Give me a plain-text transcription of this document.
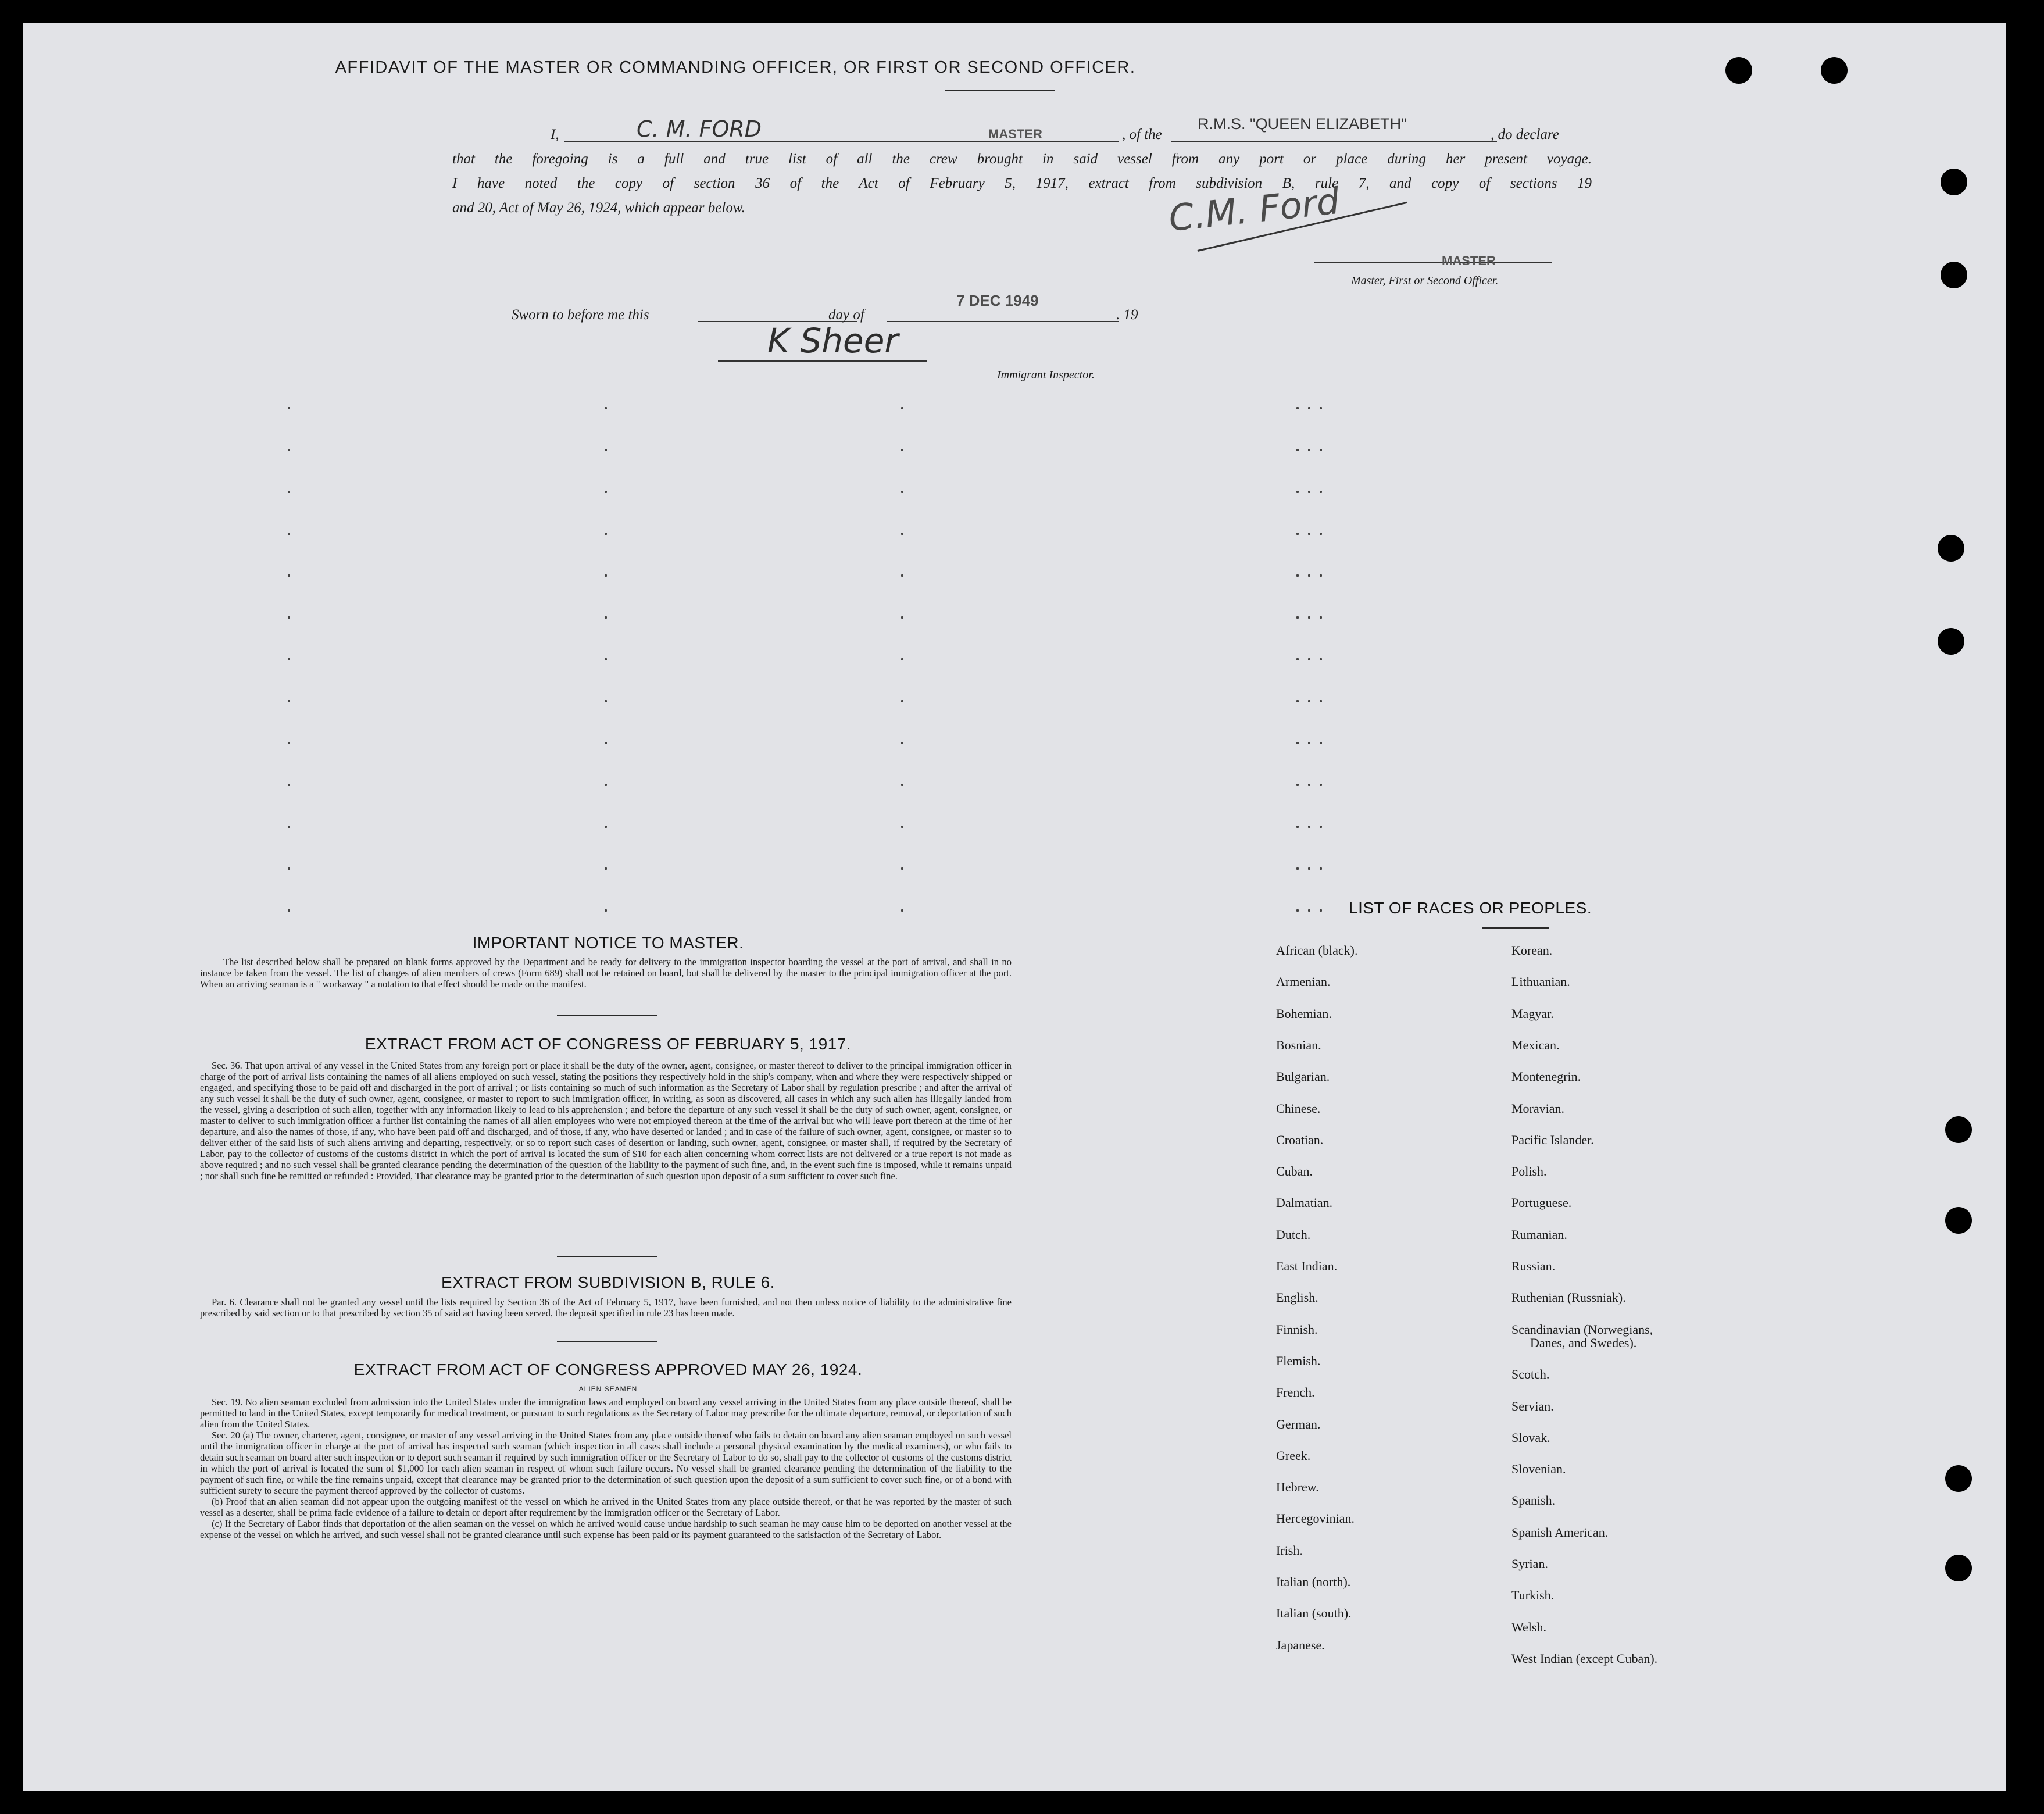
AFFIDAVIT OF THE MASTER OR COMMANDING OFFICER, OR FIRST OR SECOND OFFICER.
I,	C. M. FORD	MASTER	, of the
R.M.S. "QUEEN ELIZABETH"
, do declare
that the foregoing is a full and true list of all the crew brought in said vessel from any port or place during her present voyage.
I have noted the copy of section 36 of the Act of February 5, 1917, extract from subdivision B, rule 7, and copy of sections 19
and 20, Act of May 26, 1924, which appear below.	C.M. Ford
MASTER
Master, First or Second Officer.
Sworn to before me this	day of
7 DEC 1949
. 19
K Sheer
Immigrant Inspector.
IMPORTANT NOTICE TO MASTER.
The list described below shall be prepared on blank forms approved by the Department and be ready for delivery to the immigration inspector boarding the vessel at the port of arrival, and shall in no instance be taken from the vessel. The list of changes of alien members of crews (Form 689) shall not be retained on board, but shall be delivered by the master to the principal immigration officer at the port. When an arriving seaman is a " workaway " a notation to that effect should be made on the manifest.
EXTRACT FROM ACT OF CONGRESS OF FEBRUARY 5, 1917.
Sec. 36. That upon arrival of any vessel in the United States from any foreign port or place it shall be the duty of the owner, agent, consignee, or master thereof to deliver to the principal immigration officer in charge of the port of arrival lists containing the names of all aliens employed on such vessel, stating the positions they respectively hold in the ship's company, when and where they were respectively shipped or engaged, and specifying those to be paid off and discharged in the port of arrival ; or lists containing so much of such information as the Secretary of Labor shall by regulation prescribe ; and after the arrival of any such vessel it shall be the duty of such owner, agent, consignee, or master to report to such immigration officer, in writing, as soon as discovered, all cases in which any such alien has illegally landed from the vessel, giving a description of such alien, together with any information likely to lead to his apprehension ; and before the departure of any such vessel it shall be the duty of such owner, agent, consignee, or master to deliver to such immigration officer a further list containing the names of all alien employees who were not employed thereon at the time of the arrival but who will leave port thereon at the time of her departure, and also the names of those, if any, who have been paid off and discharged, and of those, if any, who have deserted or landed ; and in case of the failure of such owner, agent, consignee, or master so to deliver either of the said lists of such aliens arriving and departing, respectively, or so to report such cases of desertion or landing, such owner, agent, consignee, or master shall, if required by the Secretary of Labor, pay to the collector of customs of the customs district in which the port of arrival is located the sum of $10 for each alien concerning whom correct lists are not delivered or a true report is not made as above required ; and no such vessel shall be granted clearance pending the determination of the question of the liability to the payment of such fine, and, in the event such fine is imposed, while it remains unpaid ; nor shall such fine be remitted or refunded : Provided, That clearance may be granted prior to the determination of such question upon deposit of a sum sufficient to cover such fine.
EXTRACT FROM SUBDIVISION B, RULE 6.
Par. 6. Clearance shall not be granted any vessel until the lists required by Section 36 of the Act of February 5, 1917, have been furnished, and not then unless notice of liability to the administrative fine prescribed by said section or to that prescribed by section 35 of said act having been served, the deposit specified in rule 23 has been made.
EXTRACT FROM ACT OF CONGRESS APPROVED MAY 26, 1924.
ALIEN SEAMEN
Sec. 19. No alien seaman excluded from admission into the United States under the immigration laws and employed on board any vessel arriving in the United States from any place outside thereof, shall be permitted to land in the United States, except temporarily for medical treatment, or pursuant to such regulations as the Secretary of Labor may prescribe for the ultimate departure, removal, or deportation of such alien from the United States.
Sec. 20 (a) The owner, charterer, agent, consignee, or master of any vessel arriving in the United States from any place outside thereof who fails to detain on board any alien seaman employed on such vessel until the immigration officer in charge at the port of arrival has inspected such seaman (which inspection in all cases shall include a personal physical examination by the medical examiners), or who fails to detain such seaman on board after such inspection or to deport such seaman if required by such immigration officer or the Secretary of Labor to do so, shall pay to the collector of customs of the customs district in which the port of arrival is located the sum of $1,000 for each alien seaman in respect of whom such failure occurs. No vessel shall be granted clearance pending the determination of the liability to the payment of such fine, or while the fine remains unpaid, except that clearance may be granted prior to the determination of such question upon the deposit of a sum sufficient to cover such fine, or of a bond with sufficient surety to secure the payment thereof approved by the collector of customs.
(b) Proof that an alien seaman did not appear upon the outgoing manifest of the vessel on which he arrived in the United States from any place outside thereof, or that he was reported by the master of such vessel as a deserter, shall be prima facie evidence of a failure to detain or deport after requirement by the immigration officer or the Secretary of Labor.
(c) If the Secretary of Labor finds that deportation of the alien seaman on the vessel on which he arrived would cause undue hardship to such seaman he may cause him to be deported on another vessel at the expense of the vessel on which he arrived, and such vessel shall not be granted clearance until such expense has been paid or its payment guaranteed to the satisfaction of the Secretary of Labor.
LIST OF RACES OR PEOPLES.
African (black).
Armenian.
Bohemian.
Bosnian.
Bulgarian.
Chinese.
Croatian.
Cuban.
Dalmatian.
Dutch.
East Indian.
English.
Finnish.
Flemish.
French.
German.
Greek.
Hebrew.
Hercegovinian.
Irish.
Italian (north).
Italian (south).
Japanese.
Korean.
Lithuanian.
Magyar.
Mexican.
Montenegrin.
Moravian.
Pacific Islander.
Polish.
Portuguese.
Rumanian.
Russian.
Ruthenian (Russniak).
Scandinavian (Norwegians,
Danes, and Swedes).
Scotch.
Servian.
Slovak.
Slovenian.
Spanish.
Spanish American.
Syrian.
Turkish.
Welsh.
West Indian (except Cuban).
